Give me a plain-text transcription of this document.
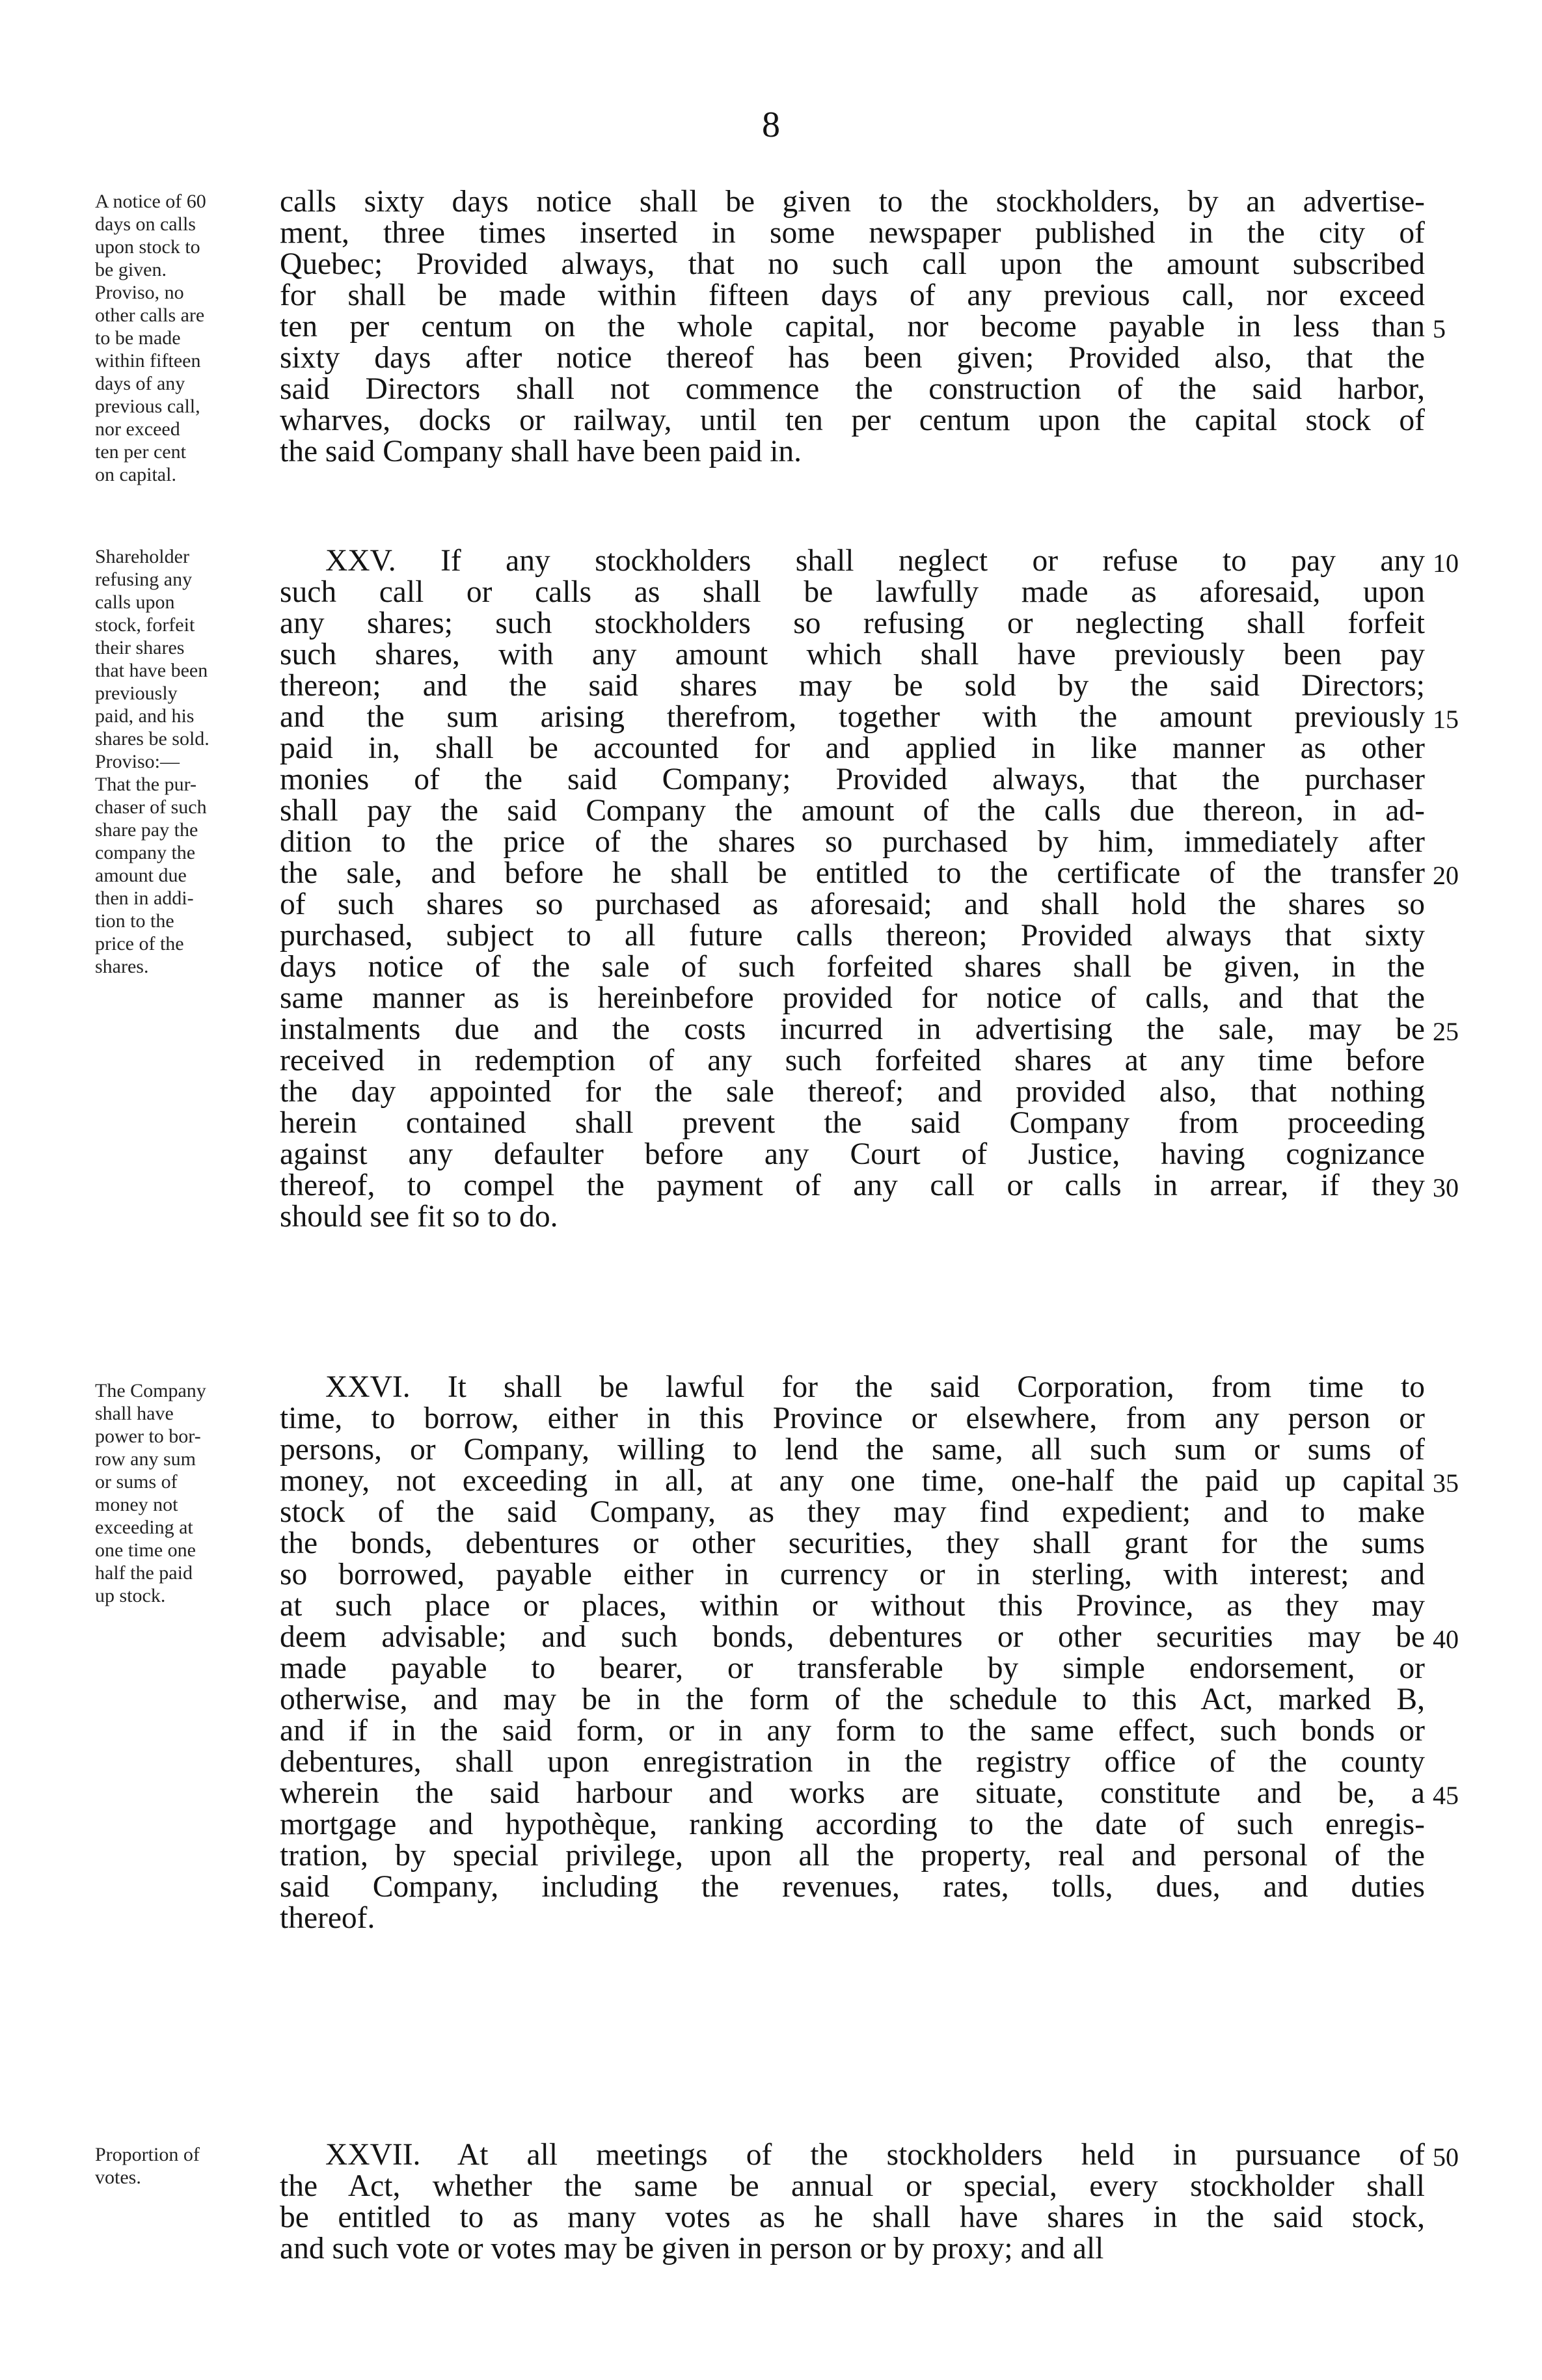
8
A notice of 60
days on calls
upon stock to
be given.
Proviso, no
other calls are
to be made
within fifteen
days of any
previous call,
nor exceed
ten per cent
on capital.
calls sixty days notice shall be given to the stockholders, by an advertise-
ment, three times inserted in some newspaper published in the city of
Quebec; Provided always, that no such call upon the amount subscribed
for shall be made within fifteen days of any previous call, nor exceed
ten per centum on the whole capital, nor become payable in less than
sixty days after notice thereof has been given; Provided also, that the
said Directors shall not commence the construction of the said harbor,
wharves, docks or railway, until ten per centum upon the capital stock of
the said Company shall have been paid in.
5
Shareholder
refusing any
calls upon
stock, forfeit
their shares
that have been
previously
paid, and his
shares be sold.
Proviso:—
That the pur-
chaser of such
share pay the
company the
amount due
then in addi-
tion to the
price of the
shares.
XXV. If any stockholders shall neglect or refuse to pay any
such call or calls as shall be lawfully made as aforesaid, upon
any shares; such stockholders so refusing or neglecting shall forfeit
such shares, with any amount which shall have previously been pay
thereon; and the said shares may be sold by the said Directors;
and the sum arising therefrom, together with the amount previously
paid in, shall be accounted for and applied in like manner as other
monies of the said Company; Provided always, that the purchaser
shall pay the said Company the amount of the calls due thereon, in ad-
dition to the price of the shares so purchased by him, immediately after
the sale, and before he shall be entitled to the certificate of the transfer
of such shares so purchased as aforesaid; and shall hold the shares so
purchased, subject to all future calls thereon; Provided always that sixty
days notice of the sale of such forfeited shares shall be given, in the
same manner as is hereinbefore provided for notice of calls, and that the
instalments due and the costs incurred in advertising the sale, may be
received in redemption of any such forfeited shares at any time before
the day appointed for the sale thereof; and provided also, that nothing
herein contained shall prevent the said Company from proceeding
against any defaulter before any Court of Justice, having cognizance
thereof, to compel the payment of any call or calls in arrear, if they
should see fit so to do.
10
15
20
25
30
The Company
shall have
power to bor-
row any sum
or sums of
money not
exceeding at
one time one
half the paid
up stock.
XXVI. It shall be lawful for the said Corporation, from time to
time, to borrow, either in this Province or elsewhere, from any person or
persons, or Company, willing to lend the same, all such sum or sums of
money, not exceeding in all, at any one time, one-half the paid up capital
stock of the said Company, as they may find expedient; and to make
the bonds, debentures or other securities, they shall grant for the sums
so borrowed, payable either in currency or in sterling, with interest; and
at such place or places, within or without this Province, as they may
deem advisable; and such bonds, debentures or other securities may be
made payable to bearer, or transferable by simple endorsement, or
otherwise, and may be in the form of the schedule to this Act, marked B,
and if in the said form, or in any form to the same effect, such bonds or
debentures, shall upon enregistration in the registry office of the county
wherein the said harbour and works are situate, constitute and be, a
mortgage and hypothèque, ranking according to the date of such enregis-
tration, by special privilege, upon all the property, real and personal of the
said Company, including the revenues, rates, tolls, dues, and duties
thereof.
35
40
45
Proportion of
votes.
XXVII. At all meetings of the stockholders held in pursuance of
the Act, whether the same be annual or special, every stockholder shall
be entitled to as many votes as he shall have shares in the said stock,
and such vote or votes may be given in person or by proxy; and all
50
